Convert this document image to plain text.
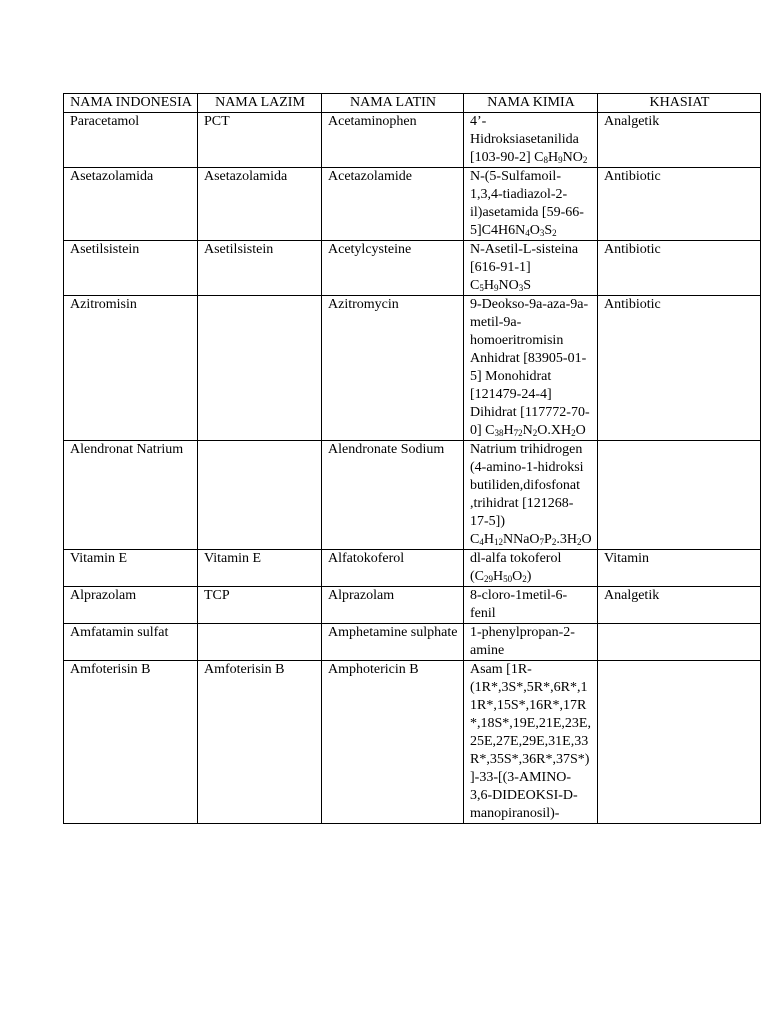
NAMA INDONESIA	NAMA LAZIM	NAMA LATIN	NAMA KIMIA	KHASIAT
Paracetamol	PCT	Acetaminophen	4’-Hidroksiasetanilida [103-90-2] $C_8H_9NO_2$	Analgetik
Asetazolamida	Asetazolamida	Acetazolamide	N-(5-Sulfamoil-1,3,4-tiadiazol-2-il)asetamida $[59-66-5]C4H6N_4O_3S_2$	Antibiotic
Asetilsistein	Asetilsistein	Acetylcysteine	N-Asetil-L-sisteina [616-91-1] $C_5H_9NO_3S$	Antibiotic
Azitromisin		Azitromycin	9-Deokso-9a-aza-9a-metil-9a-homoeritromisin Anhidrat [83905-01-5] Monohidrat [121479-24-4] Dihidrat [117772-70-0] $C_{38}H_{72}N_2O.XH_2O$	Antibiotic
Alendronat Natrium		Alendronate Sodium	Natrium trihidrogen (4-amino-1-hidroksi butiliden,difosfonat ,trihidrat [121268-17-5]) $C_4H_{12}NNaO_7P_2.3H_2O$	
Vitamin E	Vitamin E	Alfatokoferol	dl-alfa tokoferol $(C_{29}H_{50}O_2)$	Vitamin
Alprazolam	TCP	Alprazolam	8-cloro-1metil-6-fenil	Analgetik
Amfatamin sulfat		Amphetamine sulphate	1-phenylpropan-2-amine	
Amfoterisin B	Amfoterisin B	Amphotericin B	Asam [1R-(1R*,3S*,5R*,6R*,11R*,15S*,16R*,17R*,18S*,19E,21E,23E,25E,27E,29E,31E,33R*,35S*,36R*,37S*)]-33-[(3-AMINO-3,6-DIDEOKSI-D-manopiranosil)-	
